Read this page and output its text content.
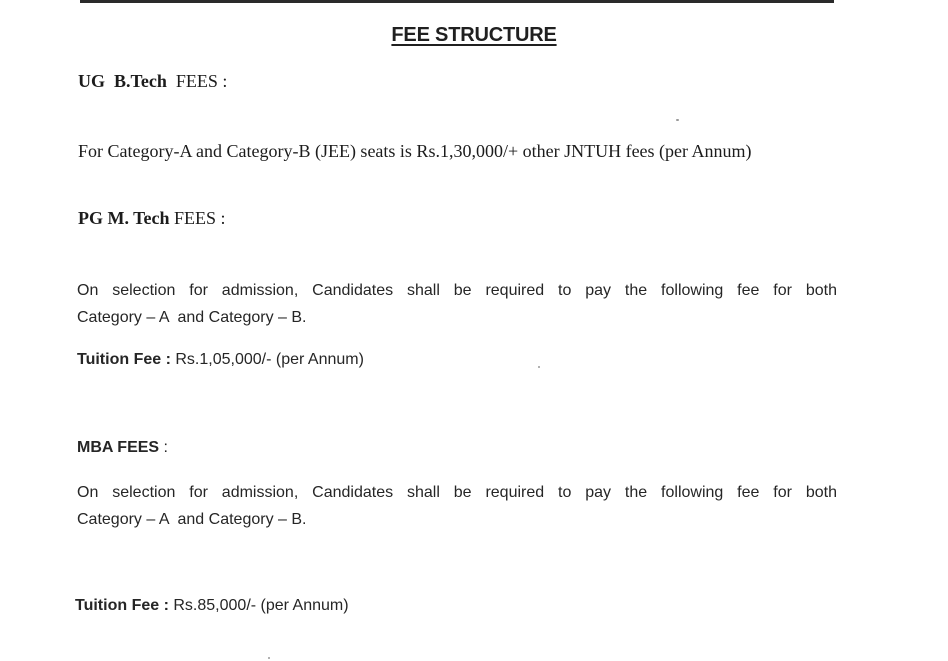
FEE STRUCTURE
UG  B.Tech FEES :
For Category-A and Category-B (JEE) seats is Rs.1,30,000/+ other JNTUH fees (per Annum)
PG M. Tech FEES :
On selection for admission, Candidates shall be required to pay the following fee for both
Category – A  and Category – B.
Tuition Fee : Rs.1,05,000/- (per Annum)
MBA FEES :
On selection for admission, Candidates shall be required to pay the following fee for both
Category – A  and Category – B.
Tuition Fee : Rs.85,000/- (per Annum)
